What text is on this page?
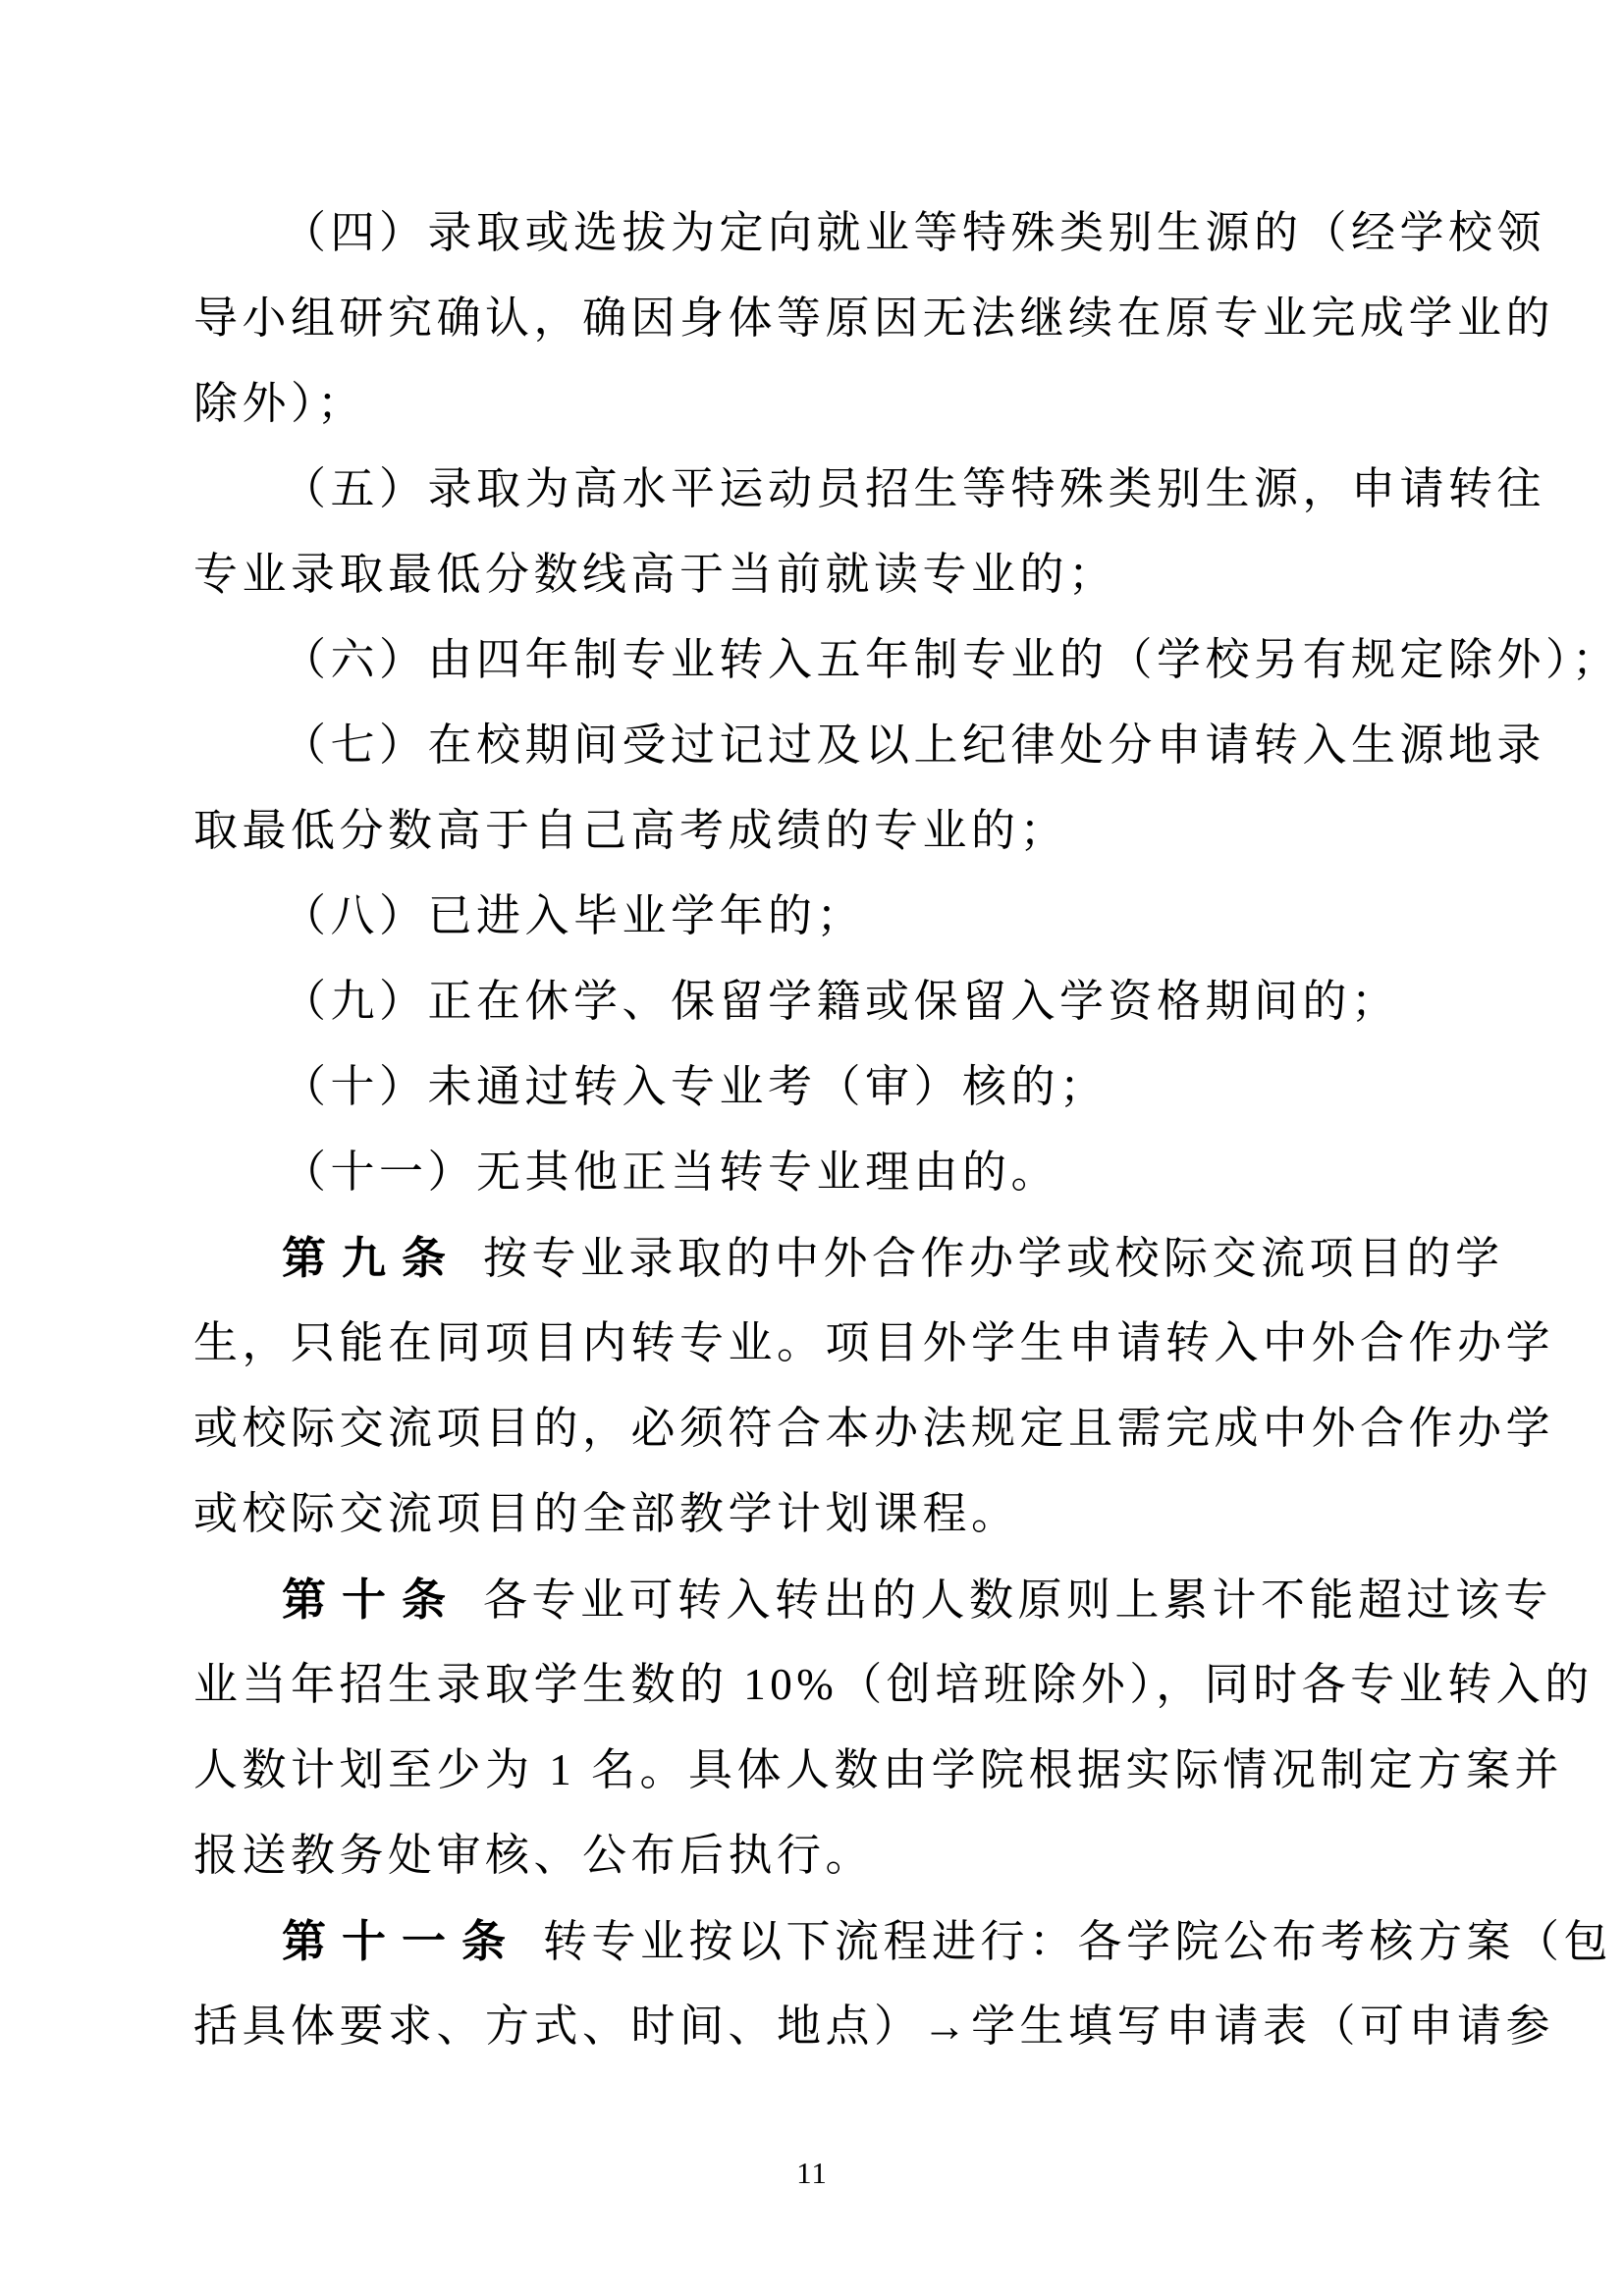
（四）录取或选拔为定向就业等特殊类别生源的（经学校领
导小组研究确认，确因身体等原因无法继续在原专业完成学业的
除外）；
（五）录取为高水平运动员招生等特殊类别生源，申请转往
专业录取最低分数线高于当前就读专业的；
（六）由四年制专业转入五年制专业的（学校另有规定除外）；
（七）在校期间受过记过及以上纪律处分申请转入生源地录
取最低分数高于自己高考成绩的专业的；
（八）已进入毕业学年的；
（九）正在休学、保留学籍或保留入学资格期间的；
（十）未通过转入专业考（审）核的；
（十一）无其他正当转专业理由的。
第九条 按专业录取的中外合作办学或校际交流项目的学
生，只能在同项目内转专业。项目外学生申请转入中外合作办学
或校际交流项目的，必须符合本办法规定且需完成中外合作办学
或校际交流项目的全部教学计划课程。
第十条 各专业可转入转出的人数原则上累计不能超过该专
业当年招生录取学生数的 10%（创培班除外），同时各专业转入的
人数计划至少为 1 名。具体人数由学院根据实际情况制定方案并
报送教务处审核、公布后执行。
第十一条 转专业按以下流程进行：各学院公布考核方案（包
括具体要求、方式、时间、地点）→学生填写申请表（可申请参
11
